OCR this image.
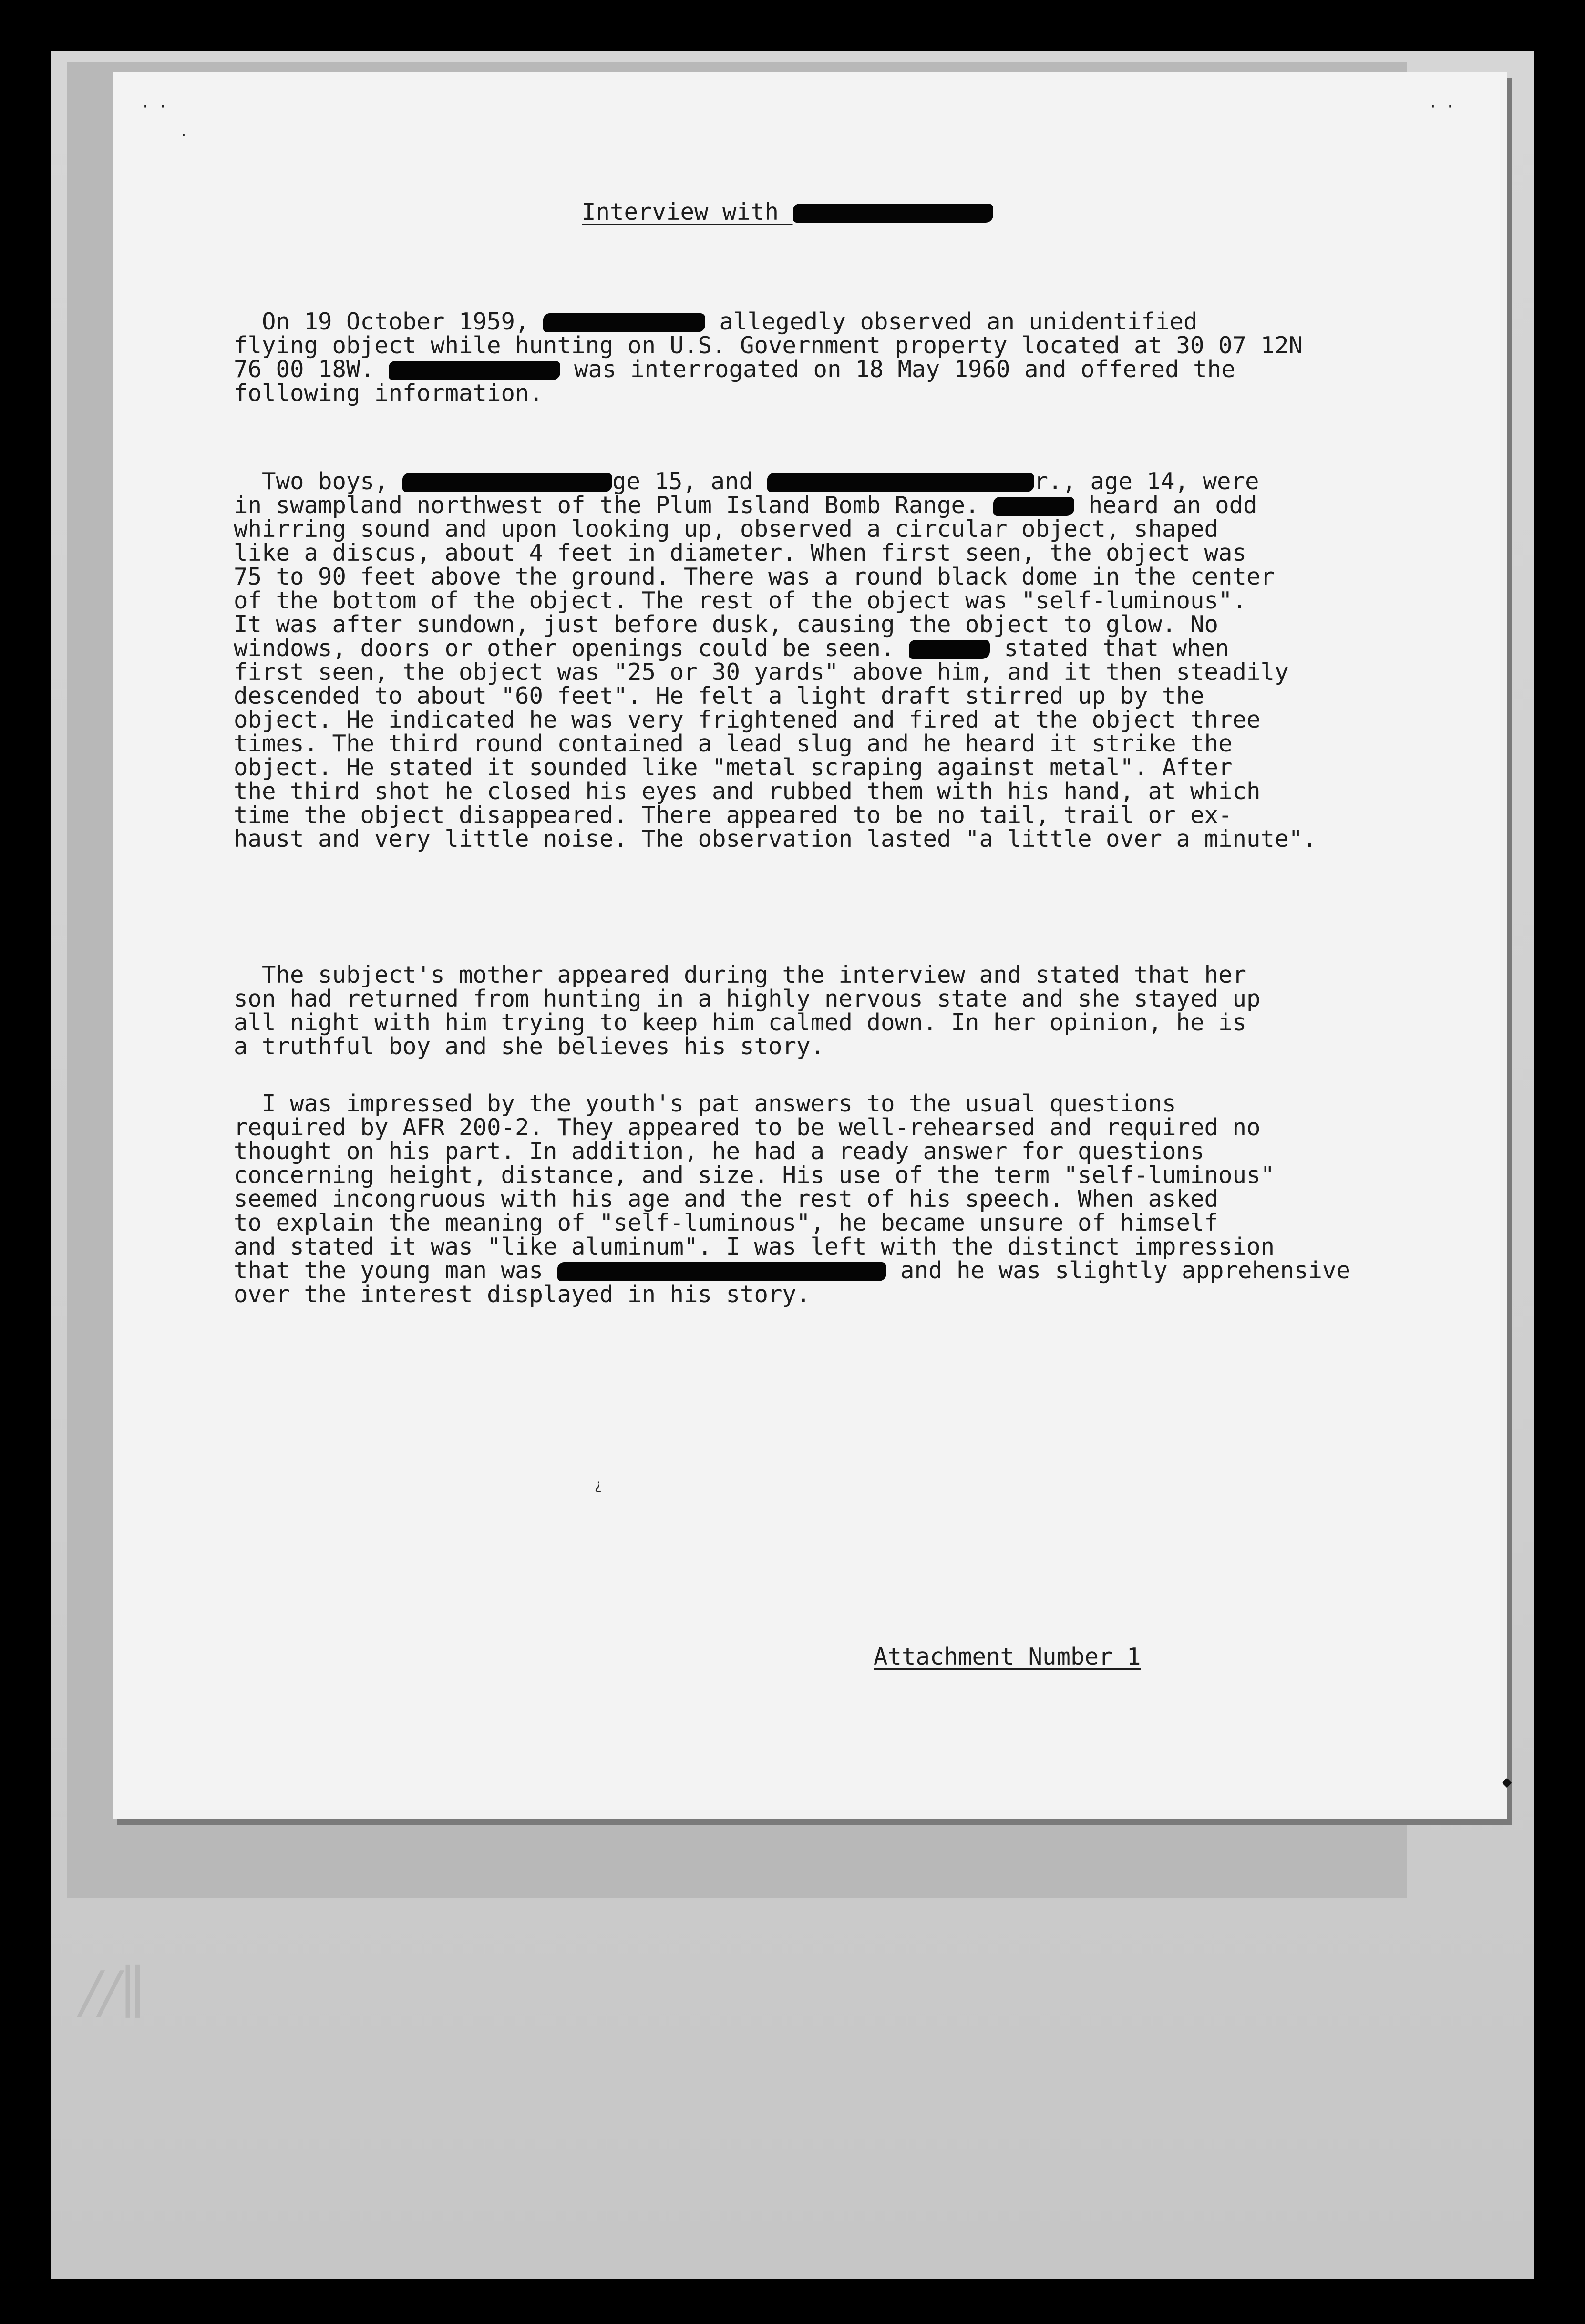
· ·
·
· ·
¿
Interview with
On 19 October 1959,	allegedly observed an unidentified
flying object while hunting on U.S. Government property located at 30 07 12N
76 00 18W.	was interrogated on 18 May 1960 and offered the
following information.
Two boys,	ge 15, and	r., age 14, were
in swampland northwest of the Plum Island Bomb Range.	heard an odd
whirring sound and upon looking up, observed a circular object, shaped
like a discus, about 4 feet in diameter. When first seen, the object was
75 to 90 feet above the ground. There was a round black dome in the center
of the bottom of the object. The rest of the object was "self-luminous".
It was after sundown, just before dusk, causing the object to glow. No
windows, doors or other openings could be seen.	stated that when
first seen, the object was "25 or 30 yards" above him, and it then steadily
descended to about "60 feet". He felt a light draft stirred up by the
object. He indicated he was very frightened and fired at the object three
times. The third round contained a lead slug and he heard it strike the
object. He stated it sounded like "metal scraping against metal". After
the third shot he closed his eyes and rubbed them with his hand, at which
time the object disappeared. There appeared to be no tail, trail or ex-
haust and very little noise. The observation lasted "a little over a minute".
The subject's mother appeared during the interview and stated that her
son had returned from hunting in a highly nervous state and she stayed up
all night with him trying to keep him calmed down. In her opinion, he is
a truthful boy and she believes his story.
I was impressed by the youth's pat answers to the usual questions
required by AFR 200-2. They appeared to be well-rehearsed and required no
thought on his part. In addition, he had a ready answer for questions
concerning height, distance, and size. His use of the term "self-luminous"
seemed incongruous with his age and the rest of his speech. When asked
to explain the meaning of "self-luminous", he became unsure of himself
and stated it was "like aluminum". I was left with the distinct impression
that the young man was	and he was slightly apprehensive
over the interest displayed in his story.
Attachment Number 1
◆
//∥
